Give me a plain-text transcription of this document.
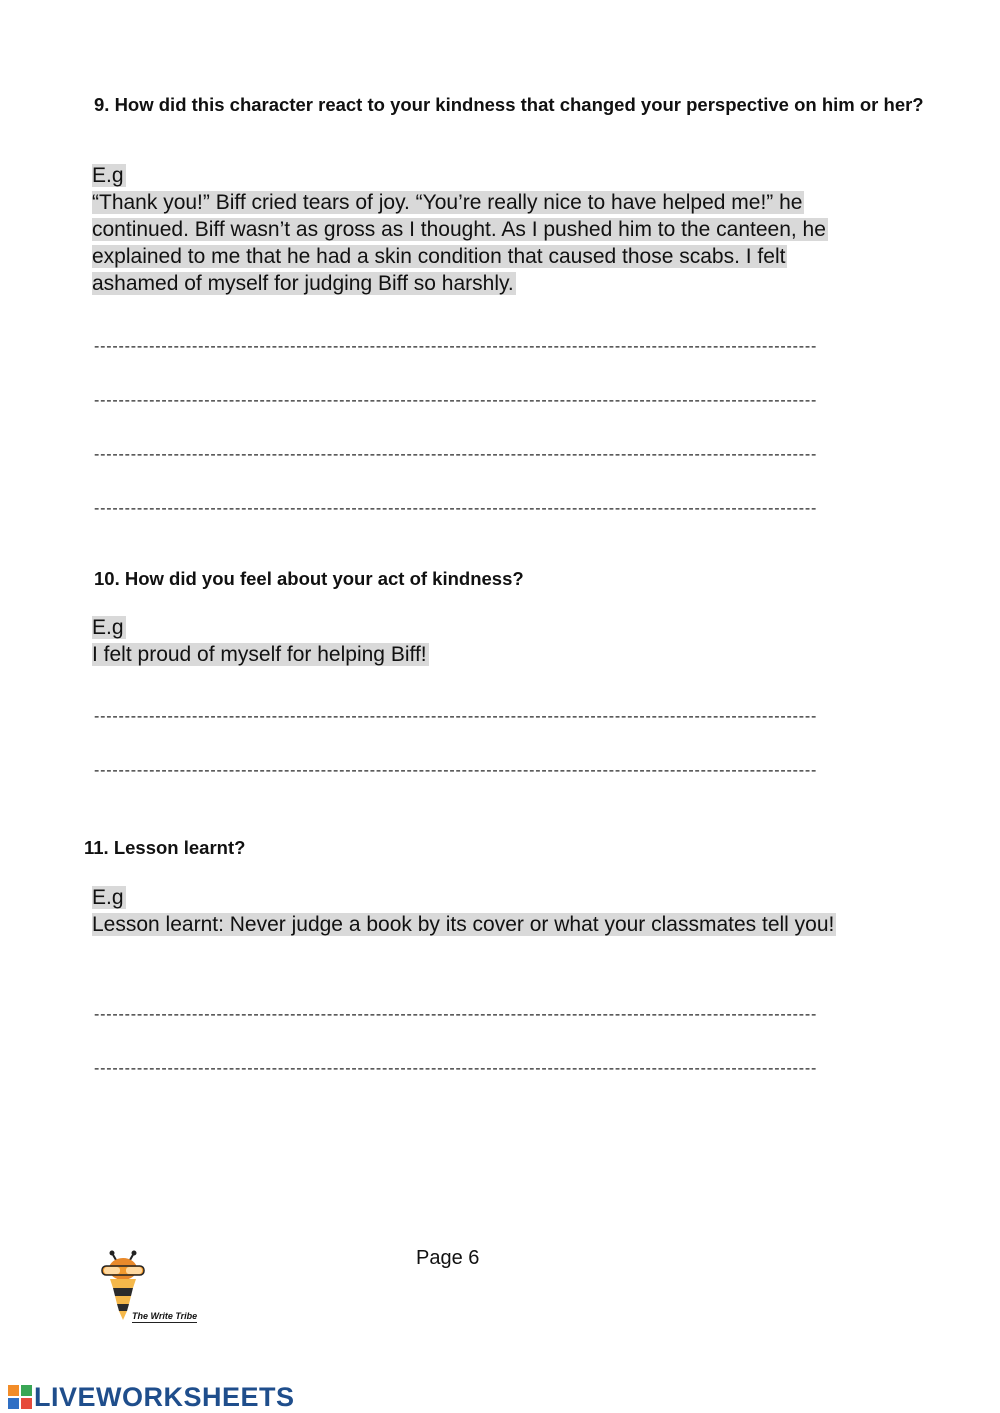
9. How did this character react to your kindness that changed your perspective on him or her?
E.g
“Thank you!” Biff cried tears of joy. “You’re really nice to have helped me!” he
continued. Biff wasn’t as gross as I thought. As I pushed him to the canteen, he
explained to me that he had a skin condition that caused those scabs. I felt
ashamed of myself for judging Biff so harshly.
----------------------------------------------------------------------------------------------------------------------
----------------------------------------------------------------------------------------------------------------------
----------------------------------------------------------------------------------------------------------------------
----------------------------------------------------------------------------------------------------------------------
10. How did you feel about your act of kindness?
E.g
I felt proud of myself for helping Biff!
----------------------------------------------------------------------------------------------------------------------
----------------------------------------------------------------------------------------------------------------------
11. Lesson learnt?
E.g
Lesson learnt: Never judge a book by its cover or what your classmates tell you!
----------------------------------------------------------------------------------------------------------------------
----------------------------------------------------------------------------------------------------------------------
Page 6
The Write Tribe
LIVEWORKSHEETS
